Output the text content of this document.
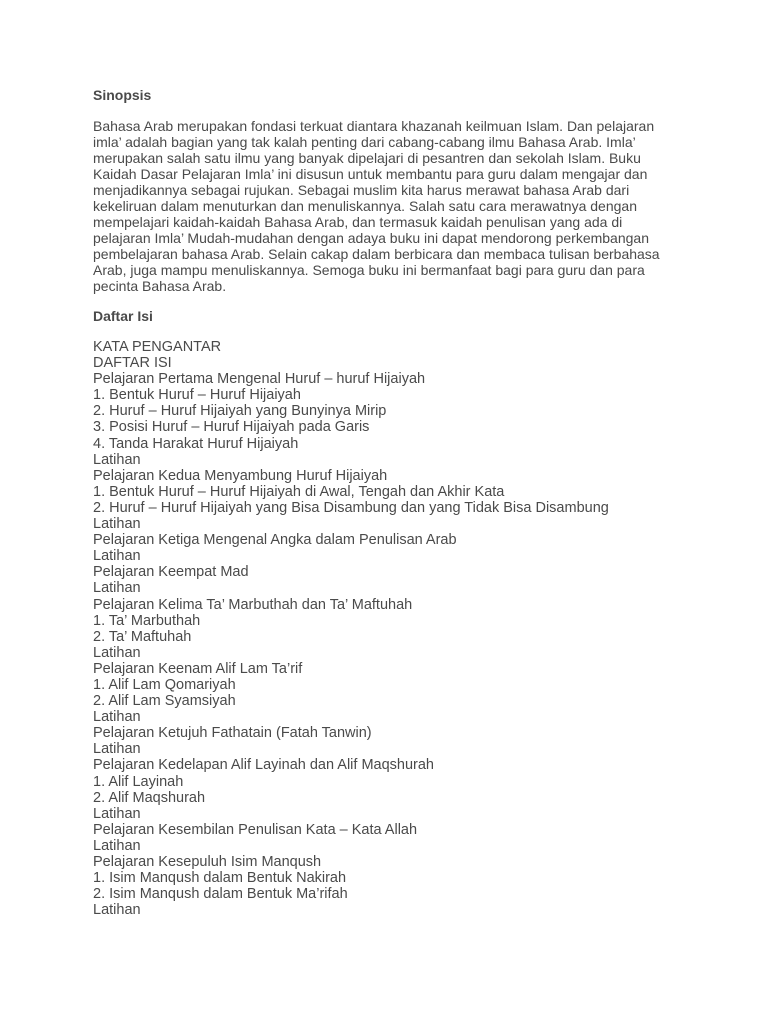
Sinopsis

Bahasa Arab merupakan fondasi terkuat diantara khazanah keilmuan Islam. Dan pelajaran imla’ adalah bagian yang tak kalah penting dari cabang-cabang ilmu Bahasa Arab. Imla’ merupakan salah satu ilmu yang banyak dipelajari di pesantren dan sekolah Islam. Buku Kaidah Dasar Pelajaran Imla’ ini disusun untuk membantu para guru dalam mengajar dan menjadikannya sebagai rujukan. Sebagai muslim kita harus merawat bahasa Arab dari kekeliruan dalam menuturkan dan menuliskannya. Salah satu cara merawatnya dengan mempelajari kaidah-kaidah Bahasa Arab, dan termasuk kaidah penulisan yang ada di pelajaran Imla’ Mudah-mudahan dengan adaya buku ini dapat mendorong perkembangan pembelajaran bahasa Arab. Selain cakap dalam berbicara dan membaca tulisan berbahasa Arab, juga mampu menuliskannya. Semoga buku ini bermanfaat bagi para guru dan para pecinta Bahasa Arab.

Daftar Isi
KATA PENGANTAR
DAFTAR ISI
Pelajaran Pertama Mengenal Huruf – huruf Hijaiyah
1. Bentuk Huruf – Huruf Hijaiyah
2. Huruf – Huruf Hijaiyah yang Bunyinya Mirip
3. Posisi Huruf – Huruf Hijaiyah pada Garis
4. Tanda Harakat Huruf Hijaiyah
Latihan
Pelajaran Kedua Menyambung Huruf Hijaiyah
1. Bentuk Huruf – Huruf Hijaiyah di Awal, Tengah dan Akhir Kata
2. Huruf – Huruf Hijaiyah yang Bisa Disambung dan yang Tidak Bisa Disambung
Latihan
Pelajaran Ketiga Mengenal Angka dalam Penulisan Arab
Latihan
Pelajaran Keempat Mad
Latihan
Pelajaran Kelima Ta’ Marbuthah dan Ta’ Maftuhah
1. Ta’ Marbuthah
2. Ta’ Maftuhah
Latihan
Pelajaran Keenam Alif Lam Ta’rif
1. Alif Lam Qomariyah
2. Alif Lam Syamsiyah
Latihan
Pelajaran Ketujuh Fathatain (Fatah Tanwin)
Latihan
Pelajaran Kedelapan Alif Layinah dan Alif Maqshurah
1. Alif Layinah
2. Alif Maqshurah
Latihan
Pelajaran Kesembilan Penulisan Kata – Kata Allah
Latihan
Pelajaran Kesepuluh Isim Manqush
1. Isim Manqush dalam Bentuk Nakirah
2. Isim Manqush dalam Bentuk Ma’rifah
Latihan
